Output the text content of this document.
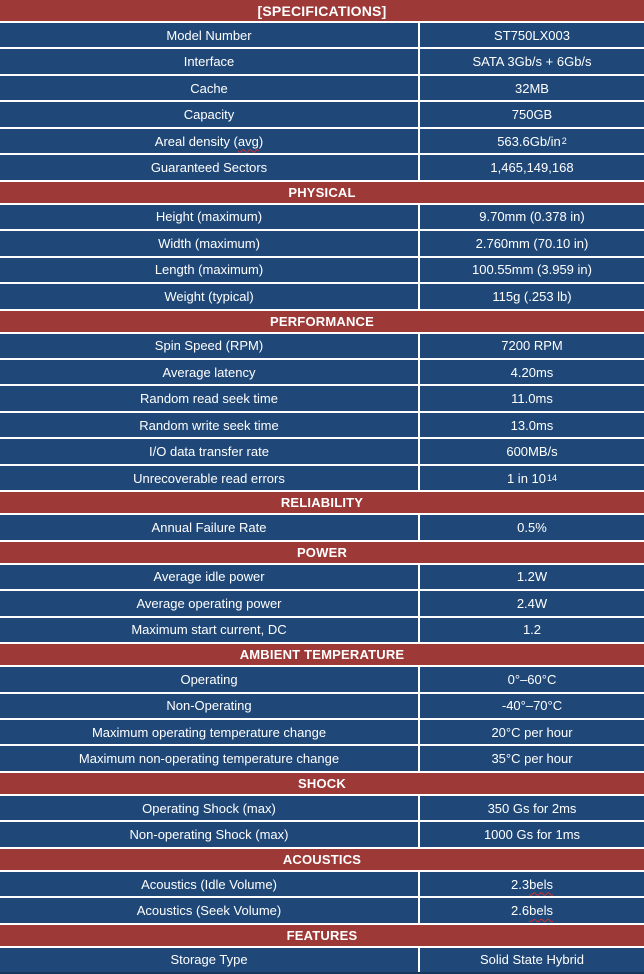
[SPECIFICATIONS]
Model Number	ST750LX003
Interface	SATA 3Gb/s + 6Gb/s
Cache	32MB
Capacity	750GB
Areal density ( avg )	563.6Gb/in 2
Guaranteed Sectors	1,465,149,168
PHYSICAL
Height (maximum)	9.70mm (0.378 in)
Width (maximum)	2.760mm (70.10 in)
Length (maximum)	100.55mm (3.959 in)
Weight (typical)	115g (.253 lb)
PERFORMANCE
Spin Speed (RPM)	7200 RPM
Average latency	4.20ms
Random read seek time	11.0ms
Random write seek time	13.0ms
I/O data transfer rate	600MB/s
Unrecoverable read errors	1 in 10 14
RELIABILITY
Annual Failure Rate	0.5%
POWER
Average idle power	1.2W
Average operating power	2.4W
Maximum start current, DC	1.2
AMBIENT TEMPERATURE
Operating	0°–60°C
Non-Operating	-40°–70°C
Maximum operating temperature change	20°C per hour
Maximum non-operating temperature change	35°C per hour
SHOCK
Operating Shock (max)	350 Gs for 2ms
Non-operating Shock (max)	1000 Gs for 1ms
ACOUSTICS
Acoustics (Idle Volume)	2.3 bels
Acoustics (Seek Volume)	2.6 bels
FEATURES
Storage Type	Solid State Hybrid
